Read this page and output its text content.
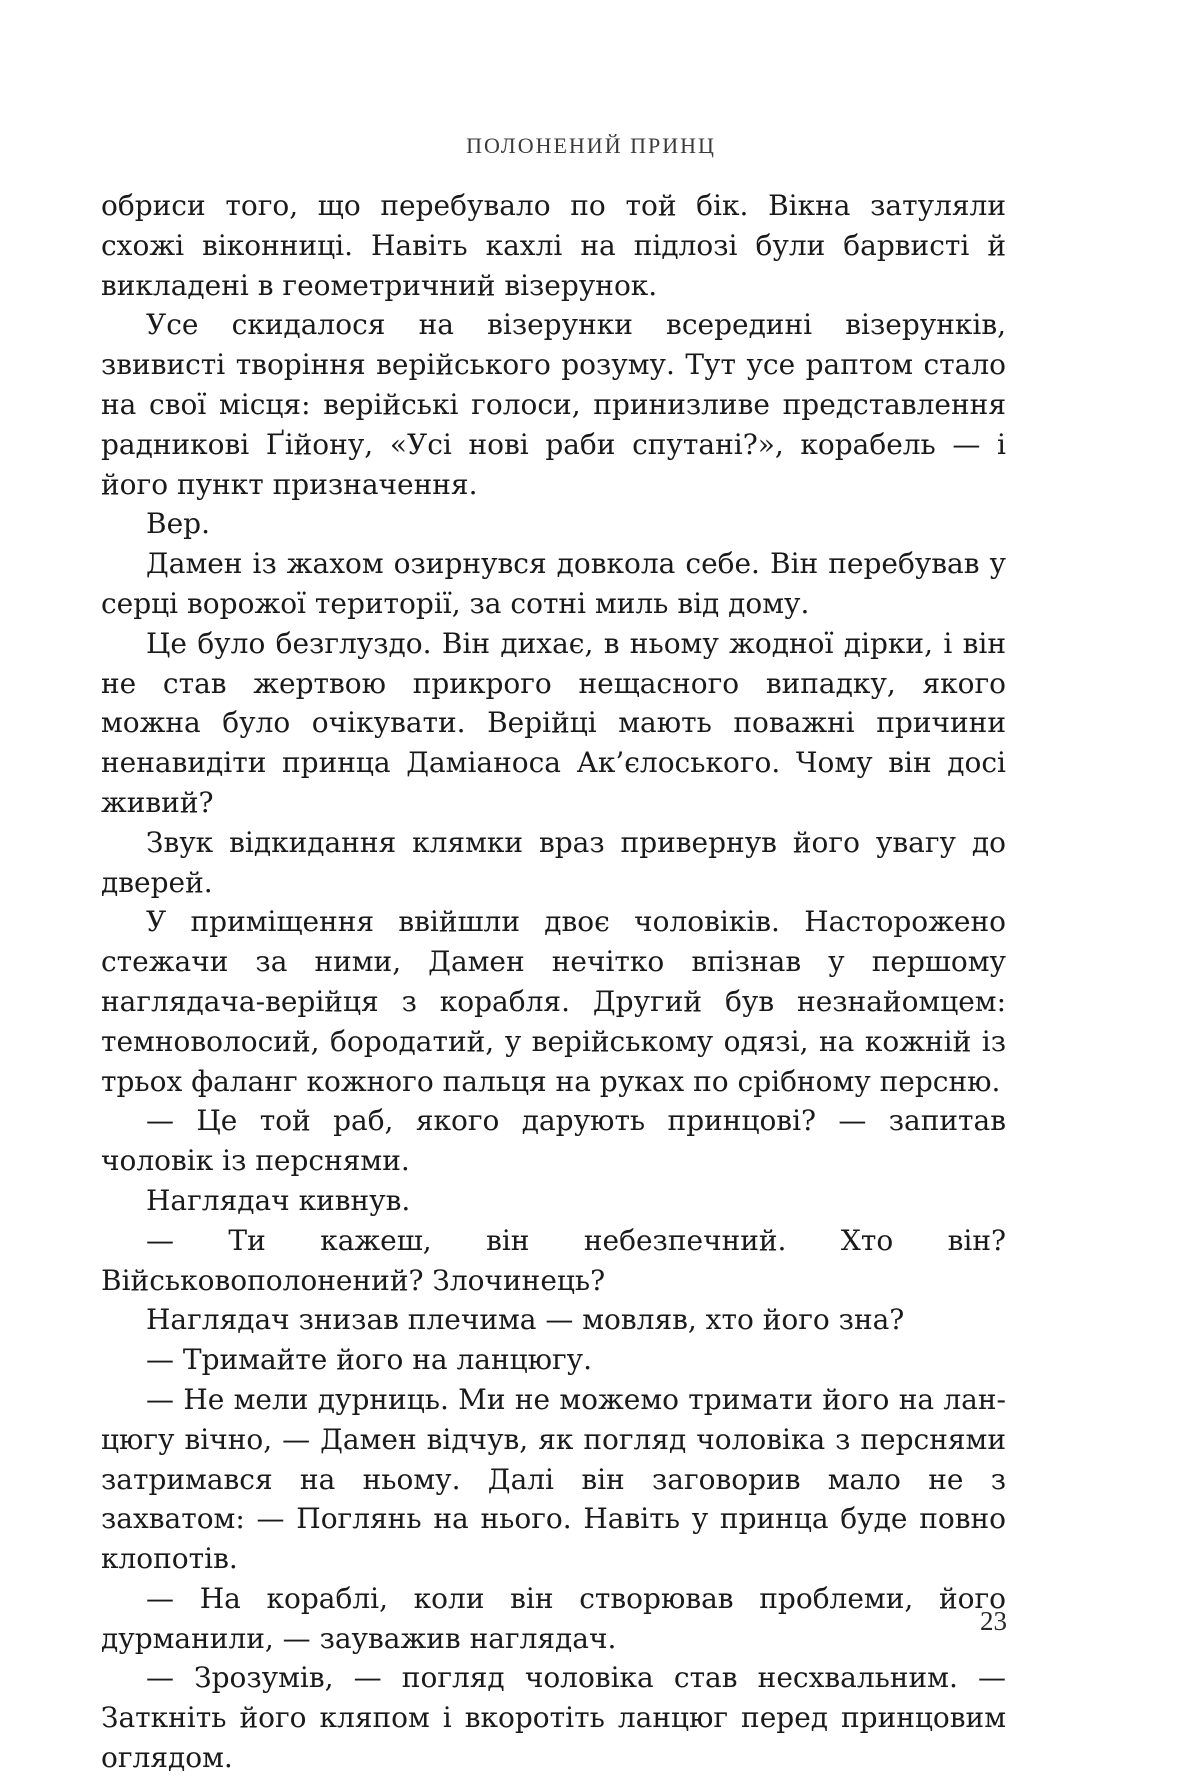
ПОЛОНЕНИЙ ПРИНЦ

обриси того, що перебувало по той бік. Вікна затуляли схожі віконниці. Навіть кахлі на підлозі були барвисті й викладені в геометричний візерунок.

Усе скидалося на візерунки всередині візерунків, звивисті творіння верійського розуму. Тут усе раптом стало на свої місця: верійські голоси, принизливе представлення радникові Ґійону, «Усі нові раби спутані?», корабель — і його пункт призначення.

Вер.

Дамен із жахом озирнувся довкола себе. Він перебував у серці ворожої території, за сотні миль від дому.

Це було безглуздо. Він дихає, в ньому жодної дірки, і він не став жертвою прикрого нещасного випадку, якого можна було очікувати. Верійці мають поважні причини ненавидіти принца Даміаноса Ак’єлоського. Чому він досі живий?

Звук відкидання клямки враз привернув його увагу до дверей.

У приміщення ввійшли двоє чоловіків. Насторожено стежачи за ними, Дамен нечітко впізнав у першому наглядача-верійця з корабля. Другий був незнайомцем: темноволосий, бородатий, у верійському одязі, на кожній із трьох фаланг кожного пальця на руках по срібному персню.

— Це той раб, якого дарують принцові? — запитав чоловік із перснями.

Наглядач кивнув.

— Ти кажеш, він небезпечний. Хто він? Військовополонений? Злочинець?

Наглядач знизав плечима — мовляв, хто його зна?

— Тримайте його на ланцюгу.

— Не мели дурниць. Ми не можемо тримати його на ланцюгу вічно, — Дамен відчув, як погляд чоловіка з перснями затримався на ньому. Далі він заговорив мало не з захватом: — Поглянь на нього. Навіть у принца буде повно клопотів.

— На кораблі, коли він створював проблеми, його дурманили, — зауважив наглядач.

— Зрозумів, — погляд чоловіка став несхвальним. — Заткніть його кляпом і вкоротіть ланцюг перед принцовим оглядом.

23
